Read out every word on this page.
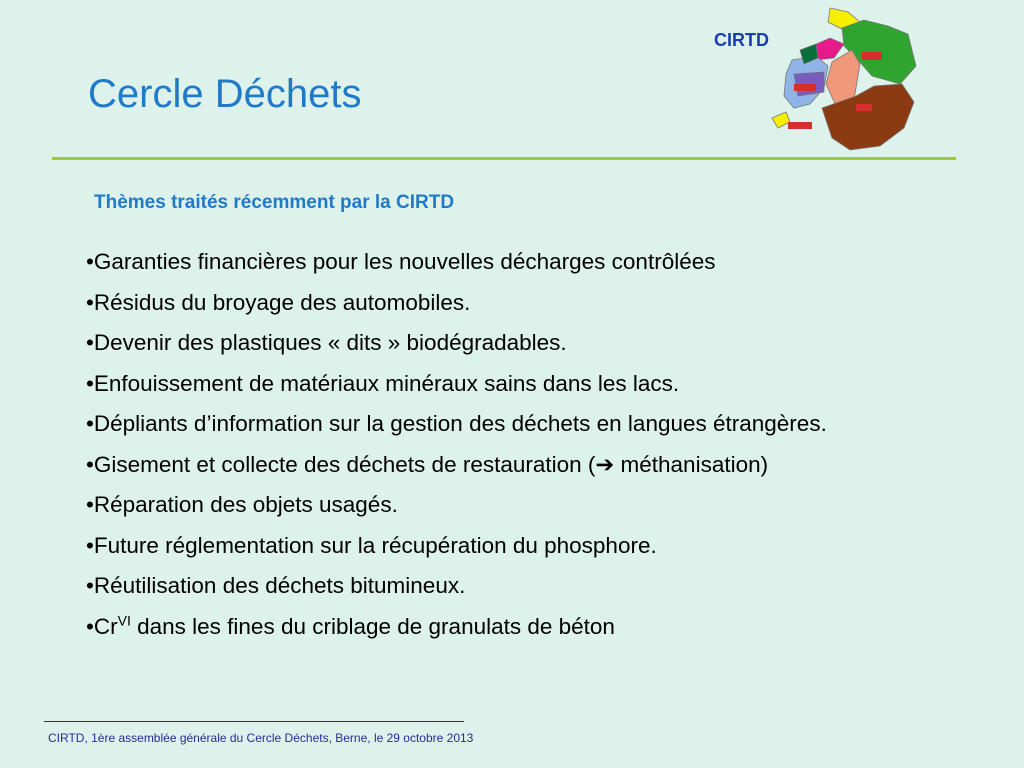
Cercle Déchets
CIRTD
Thèmes traités récemment par la CIRTD
•Garanties financières pour les nouvelles décharges contrôlées
•Résidus du broyage des automobiles.
•Devenir des plastiques « dits » biodégradables.
•Enfouissement de matériaux minéraux sains dans les lacs.
•Dépliants d’information sur la gestion des déchets en langues étrangères.
•Gisement et collecte des déchets de restauration (➔ méthanisation)
•Réparation des objets usagés.
•Future réglementation sur la récupération du phosphore.
•Réutilisation des déchets bitumineux.
$•Cr^{VI}$ dans les fines du criblage de granulats de béton
CIRTD, 1ère assemblée générale du Cercle Déchets, Berne, le 29 octobre 2013
